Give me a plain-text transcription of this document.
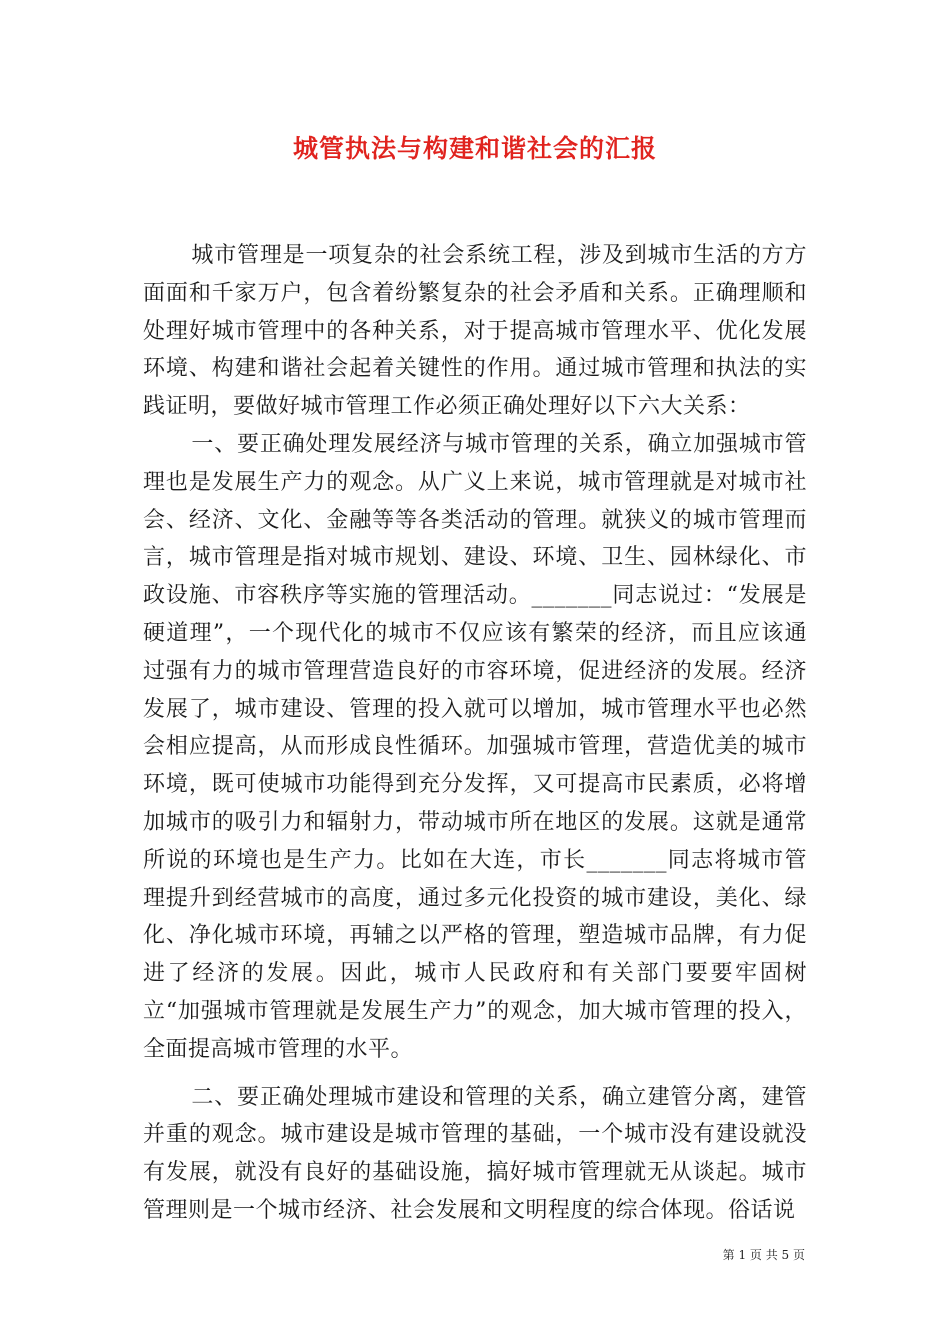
城管执法与构建和谐社会的汇报

城市管理是一项复杂的社会系统工程，涉及到城市生活的方方面面和千家万户，包含着纷繁复杂的社会矛盾和关系。正确理顺和处理好城市管理中的各种关系，对于提高城市管理水平、优化发展环境、构建和谐社会起着关键性的作用。通过城市管理和执法的实践证明，要做好城市管理工作必须正确处理好以下六大关系：

一、要正确处理发展经济与城市管理的关系，确立加强城市管理也是发展生产力的观念。从广义上来说，城市管理就是对城市社会、经济、文化、金融等等各类活动的管理。就狭义的城市管理而言，城市管理是指对城市规划、建设、环境、卫生、园林绿化、市政设施、市容秩序等实施的管理活动。_______同志说过：“发展是硬道理”，一个现代化的城市不仅应该有繁荣的经济，而且应该通过强有力的城市管理营造良好的市容环境，促进经济的发展。经济发展了，城市建设、管理的投入就可以增加，城市管理水平也必然会相应提高，从而形成良性循环。加强城市管理，营造优美的城市环境，既可使城市功能得到充分发挥，又可提高市民素质，必将增加城市的吸引力和辐射力，带动城市所在地区的发展。这就是通常所说的环境也是生产力。比如在大连，市长_______同志将城市管理提升到经营城市的高度，通过多元化投资的城市建设，美化、绿化、净化城市环境，再辅之以严格的管理，塑造城市品牌，有力促进了经济的发展。因此，城市人民政府和有关部门要要牢固树立“加强城市管理就是发展生产力”的观念，加大城市管理的投入，全面提高城市管理的水平。

二、要正确处理城市建设和管理的关系，确立建管分离，建管并重的观念。城市建设是城市管理的基础，一个城市没有建设就没有发展，就没有良好的基础设施，搞好城市管理就无从谈起。城市管理则是一个城市经济、社会发展和文明程度的综合体现。俗话说

第 1 页 共 5 页
